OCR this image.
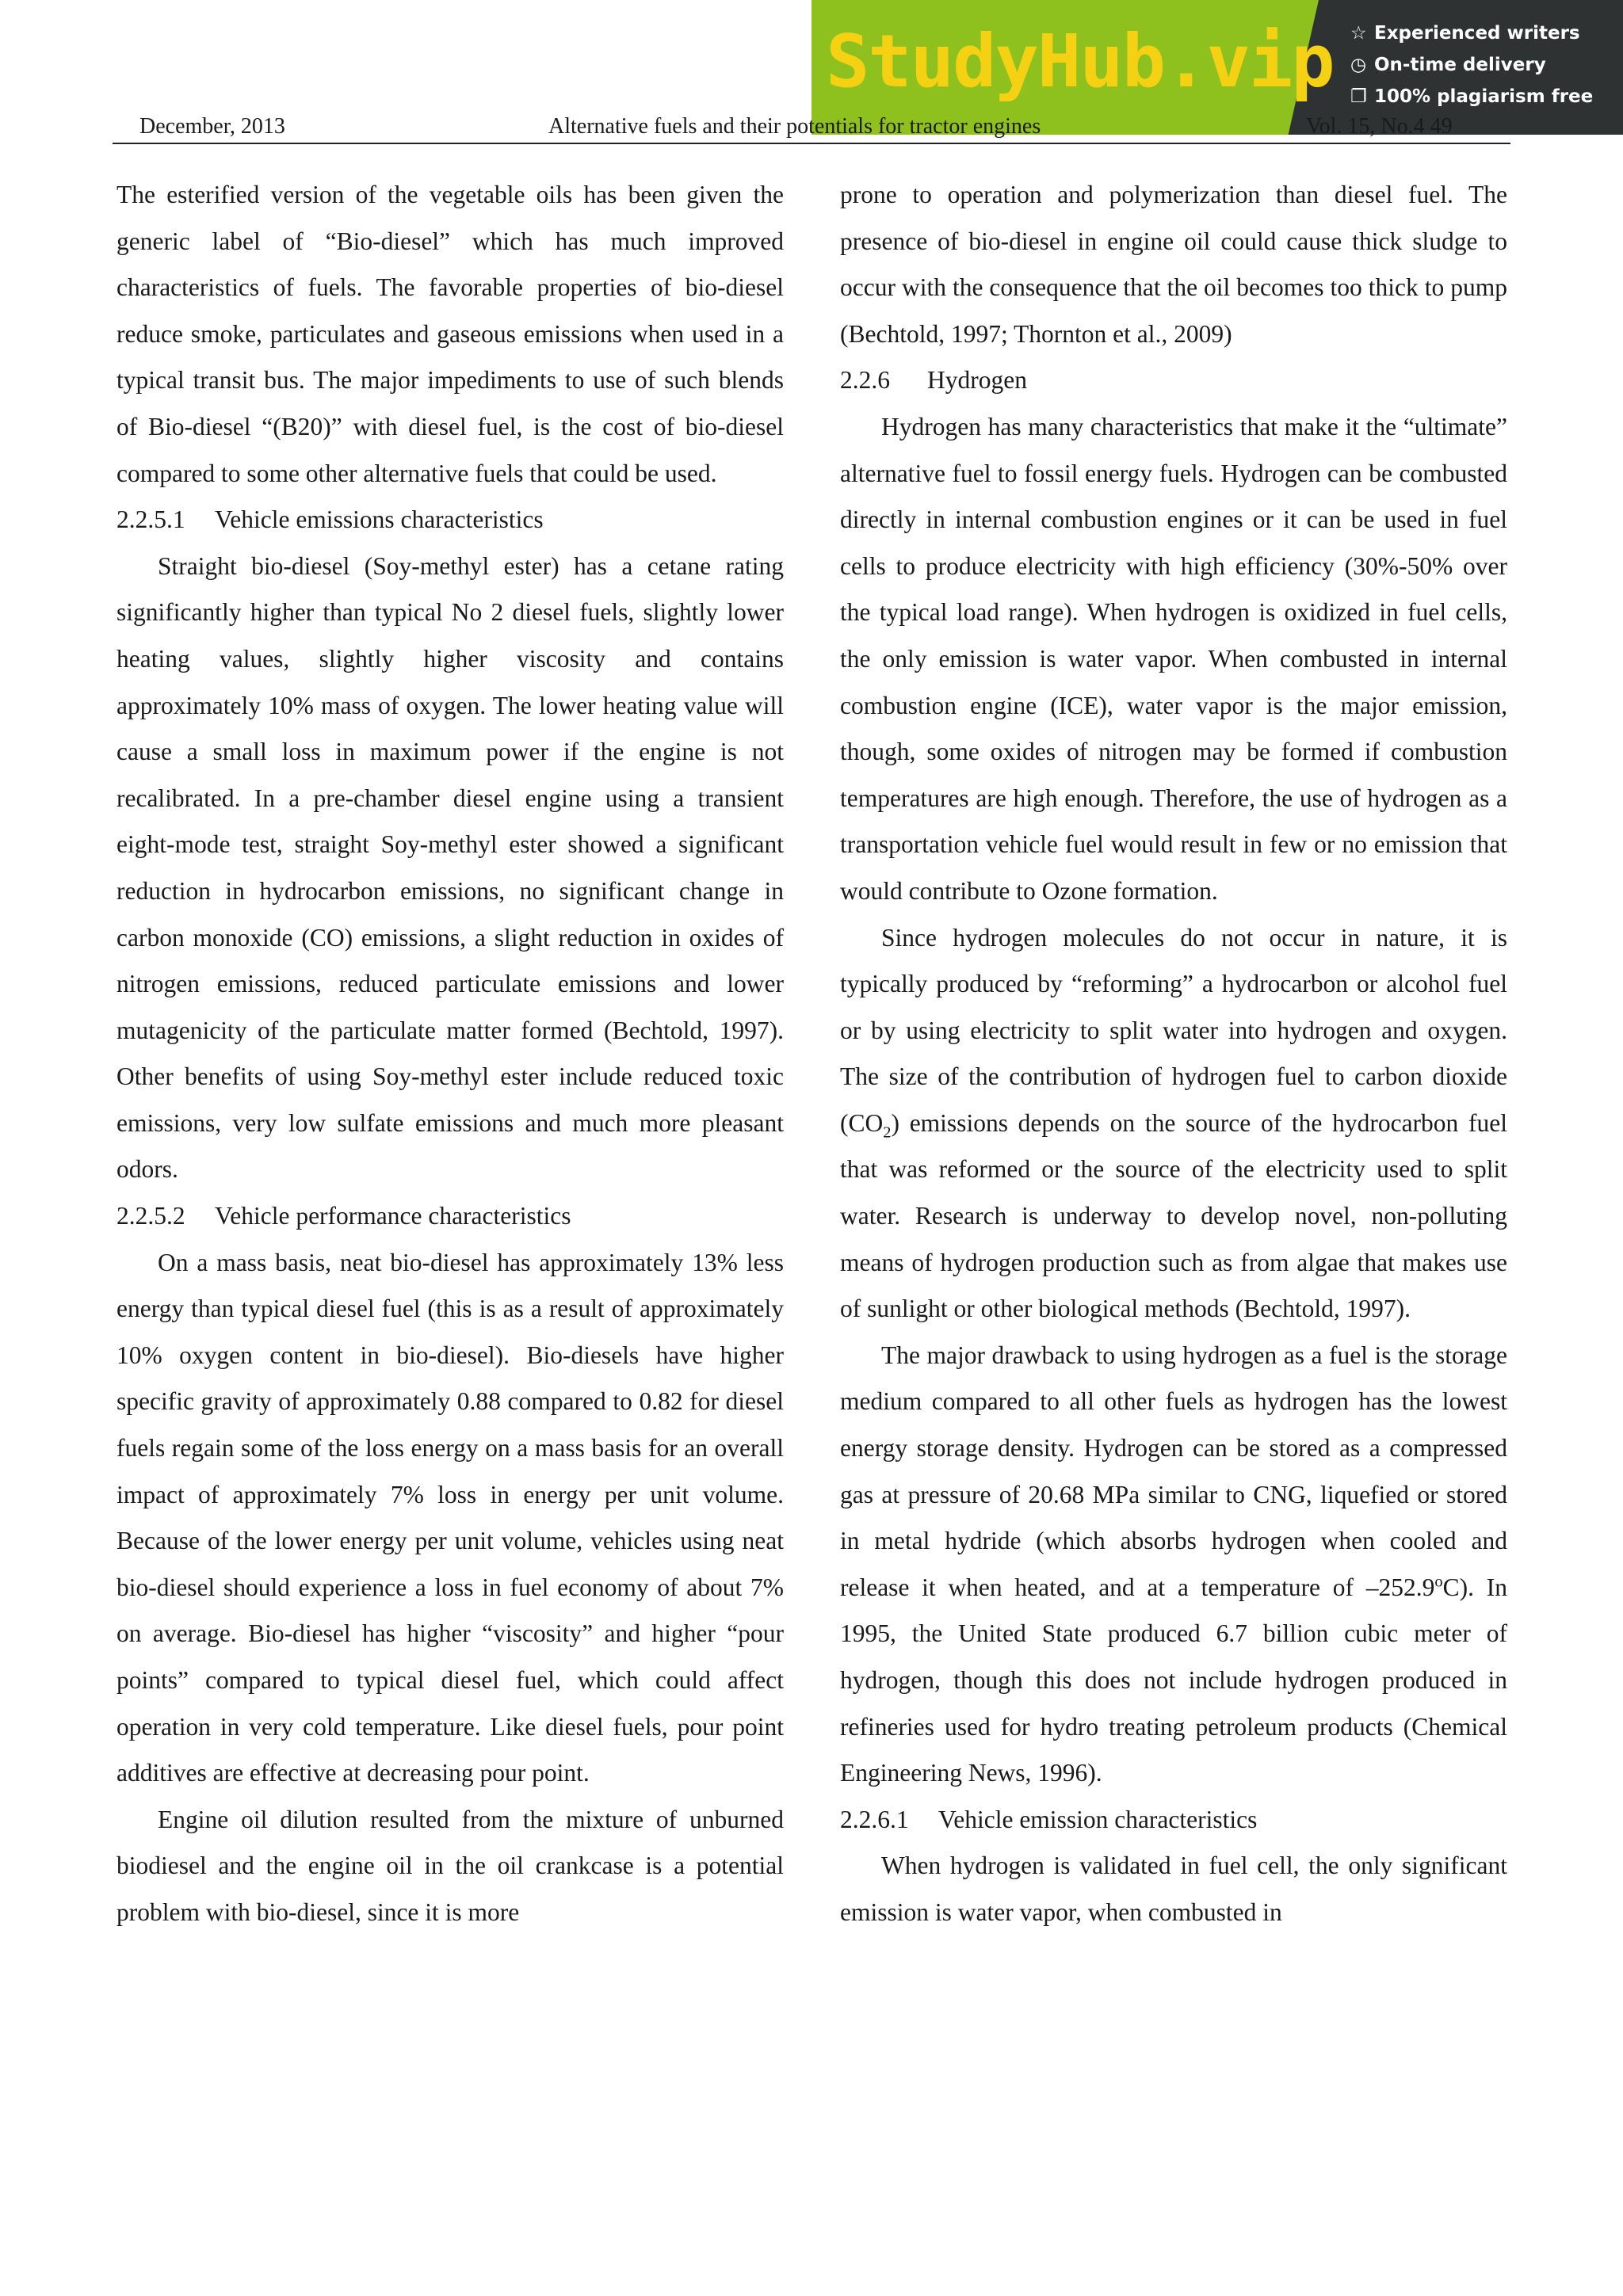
StudyHub.vip ☆ Experienced writers
◷ On-time delivery
❐ 100% plagiarism free
December, 2013	Alternative fuels and their potentials for tractor engines	Vol. 15, No.4 49

The esterified version of the vegetable oils has been given the generic label of “Bio-diesel” which has much improved characteristics of fuels. The favorable properties of bio-diesel reduce smoke, particulates and gaseous emissions when used in a typical transit bus. The major impediments to use of such blends of Bio-diesel “(B20)” with diesel fuel, is the cost of bio-diesel compared to some other alternative fuels that could be used.

2.2.5.1 Vehicle emissions characteristics

Straight bio-diesel (Soy-methyl ester) has a cetane rating significantly higher than typical No 2 diesel fuels, slightly lower heating values, slightly higher viscosity and contains approximately 10% mass of oxygen. The lower heating value will cause a small loss in maximum power if the engine is not recalibrated. In a pre-chamber diesel engine using a transient eight-mode test, straight Soy-methyl ester showed a significant reduction in hydrocarbon emissions, no significant change in carbon monoxide (CO) emissions, a slight reduction in oxides of nitrogen emissions, reduced particulate emissions and lower mutagenicity of the particulate matter formed (Bechtold, 1997). Other benefits of using Soy-methyl ester include reduced toxic emissions, very low sulfate emissions and much more pleasant odors.

2.2.5.2 Vehicle performance characteristics

On a mass basis, neat bio-diesel has approximately 13% less energy than typical diesel fuel (this is as a result of approximately 10% oxygen content in bio-diesel). Bio-diesels have higher specific gravity of approximately 0.88 compared to 0.82 for diesel fuels regain some of the loss energy on a mass basis for an overall impact of approximately 7% loss in energy per unit volume. Because of the lower energy per unit volume, vehicles using neat bio-diesel should experience a loss in fuel economy of about 7% on average. Bio-diesel has higher “viscosity” and higher “pour points” compared to typical diesel fuel, which could affect operation in very cold temperature. Like diesel fuels, pour point additives are effective at decreasing pour point.

Engine oil dilution resulted from the mixture of unburned biodiesel and the engine oil in the oil crankcase is a potential problem with bio-diesel, since it is more

prone to operation and polymerization than diesel fuel. The presence of bio-diesel in engine oil could cause thick sludge to occur with the consequence that the oil becomes too thick to pump (Bechtold, 1997; Thornton et al., 2009)

2.2.6 Hydrogen

Hydrogen has many characteristics that make it the “ultimate” alternative fuel to fossil energy fuels. Hydrogen can be combusted directly in internal combustion engines or it can be used in fuel cells to produce electricity with high efficiency (30%-50% over the typical load range). When hydrogen is oxidized in fuel cells, the only emission is water vapor. When combusted in internal combustion engine (ICE), water vapor is the major emission, though, some oxides of nitrogen may be formed if combustion temperatures are high enough. Therefore, the use of hydrogen as a transportation vehicle fuel would result in few or no emission that would contribute to Ozone formation.

Since hydrogen molecules do not occur in nature, it is typically produced by “reforming” a hydrocarbon or alcohol fuel or by using electricity to split water into hydrogen and oxygen. The size of the contribution of hydrogen fuel to carbon dioxide $(CO_2)$ emissions depends on the source of the hydrocarbon fuel that was reformed or the source of the electricity used to split water. Research is underway to develop novel, non-polluting means of hydrogen production such as from algae that makes use of sunlight or other biological methods (Bechtold, 1997).

The major drawback to using hydrogen as a fuel is the storage medium compared to all other fuels as hydrogen has the lowest energy storage density. Hydrogen can be stored as a compressed gas at pressure of 20.68 MPa similar to CNG, liquefied or stored in metal hydride (which absorbs hydrogen when cooled and release it when heated, and at a temperature of –252.9$^o$C). In 1995, the United State produced 6.7 billion cubic meter of hydrogen, though this does not include hydrogen produced in refineries used for hydro treating petroleum products (Chemical Engineering News, 1996).

2.2.6.1 Vehicle emission characteristics

When hydrogen is validated in fuel cell, the only significant emission is water vapor, when combusted in
